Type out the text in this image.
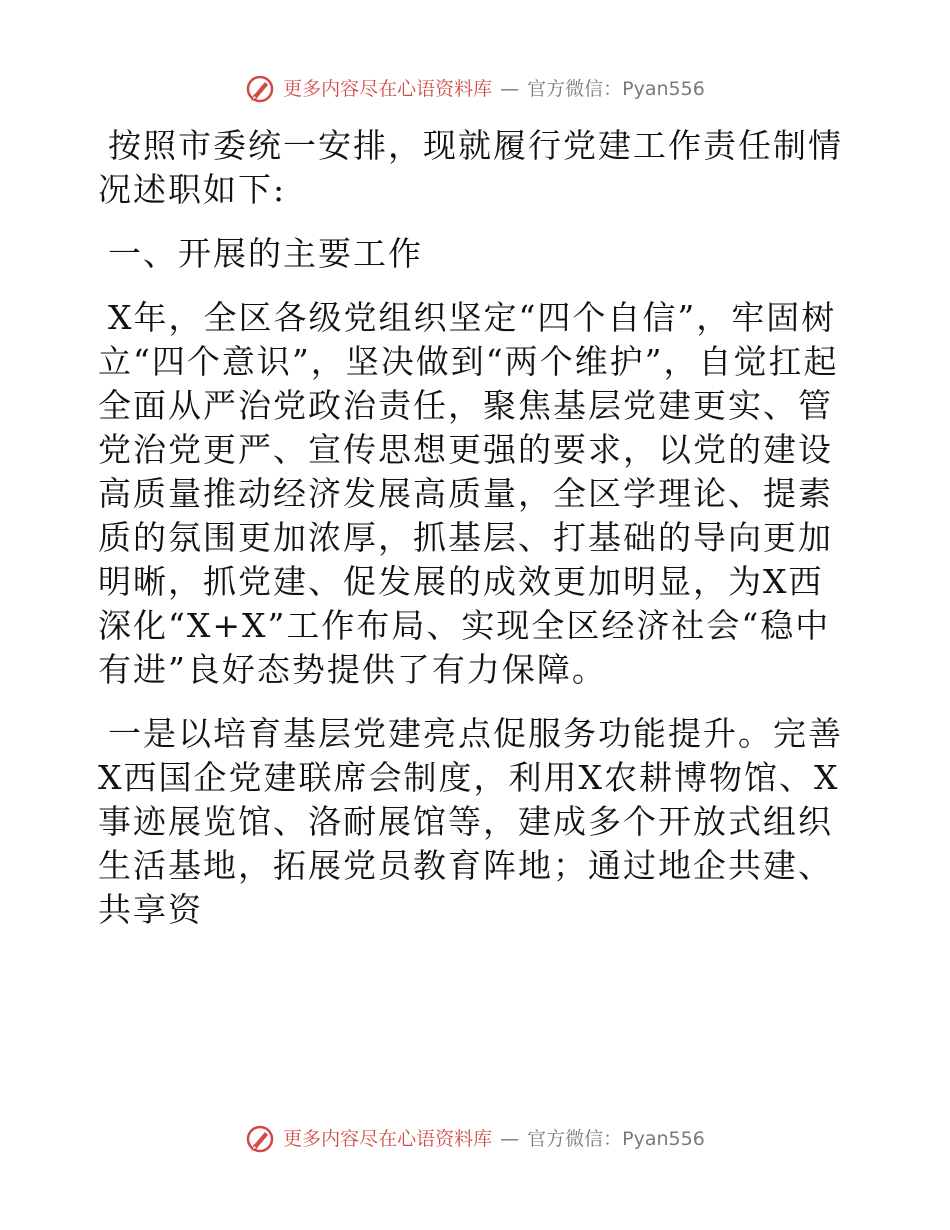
更多内容尽在心语资料库 — 官方微信：Pyan556

按照市委统一安排，现就履行党建工作责任制情况述职如下:

一、开展的主要工作

X年，全区各级党组织坚定“四个自信”，牢固树立“四个意识”，坚决做到“两个维护”，自觉扛起全面从严治党政治责任，聚焦基层党建更实、管党治党更严、宣传思想更强的要求，以党的建设高质量推动经济发展高质量，全区学理论、提素质的氛围更加浓厚，抓基层、打基础的导向更加明晰，抓党建、促发展的成效更加明显，为X西深化“X+X”工作布局、实现全区经济社会“稳中有进”良好态势提供了有力保障。

一是以培育基层党建亮点促服务功能提升。完善X西国企党建联席会制度，利用X农耕博物馆、X事迹展览馆、洛耐展馆等，建成多个开放式组织生活基地，拓展党员教育阵地；通过地企共建、共享资

更多内容尽在心语资料库 — 官方微信：Pyan556
